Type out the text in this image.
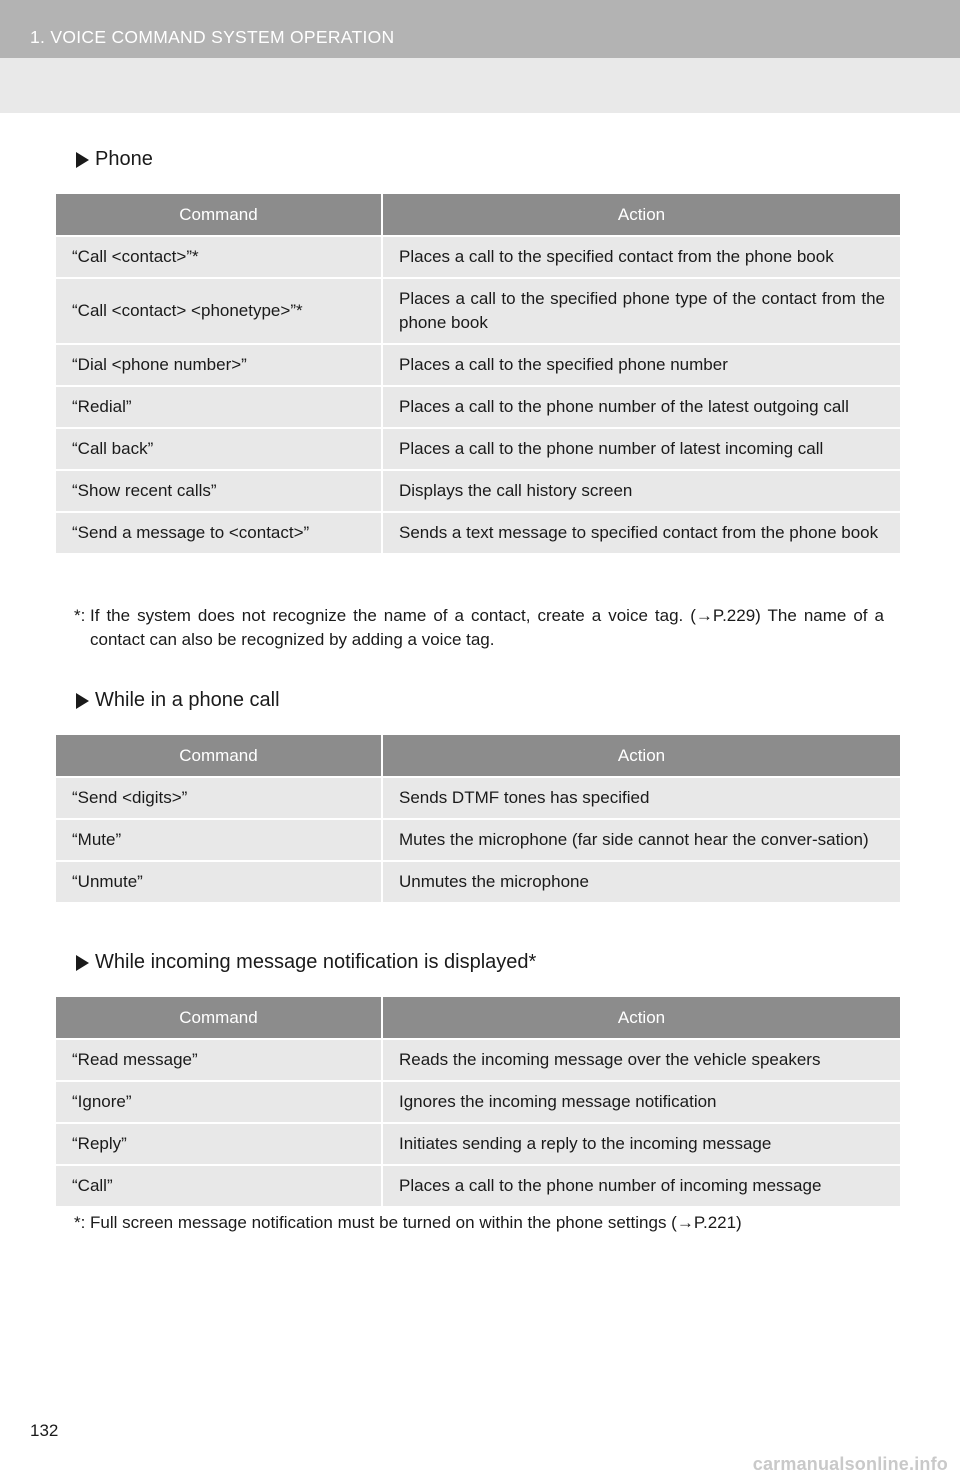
1. VOICE COMMAND SYSTEM OPERATION
Phone
Command	Action
“Call <contact>”*	Places a call to the specified contact from the phone book
“Call <contact> <phonetype>”*	Places a call to the specified phone type of the contact from the phone book
“Dial <phone number>”	Places a call to the specified phone number
“Redial”	Places a call to the phone number of the latest outgoing call
“Call back”	Places a call to the phone number of latest incoming call
“Show recent calls”	Displays the call history screen
“Send a message to <contact>”	Sends a text message to specified contact from the phone book
*: If the system does not recognize the name of a contact, create a voice tag. (→P.229) The name of a contact can also be recognized by adding a voice tag.
While in a phone call
Command	Action
“Send <digits>”	Sends DTMF tones has specified
“Mute”	Mutes the microphone (far side cannot hear the conver-sation)
“Unmute”	Unmutes the microphone
While incoming message notification is displayed*
Command	Action
“Read message”	Reads the incoming message over the vehicle speakers
“Ignore”	Ignores the incoming message notification
“Reply”	Initiates sending a reply to the incoming message
“Call”	Places a call to the phone number of incoming message
*: Full screen message notification must be turned on within the phone settings (→P.221)
132
carmanualsonline.info
